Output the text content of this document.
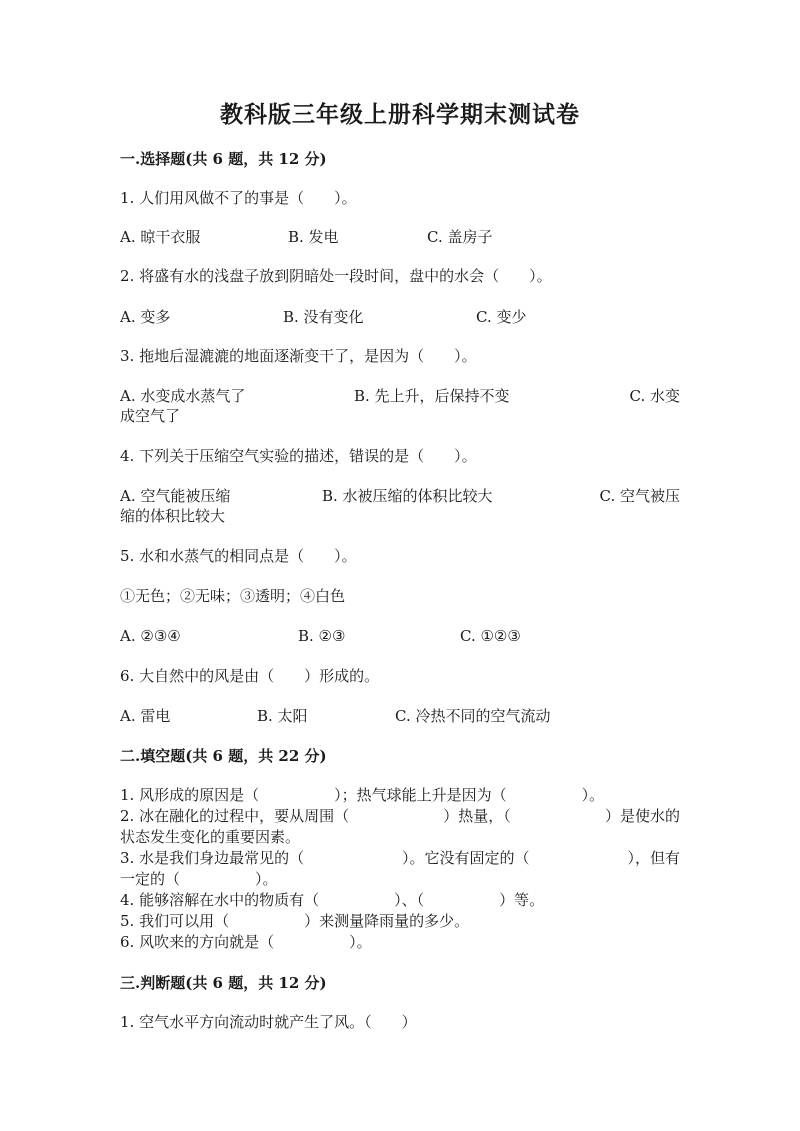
教科版三年级上册科学期末测试卷
一.选择题(共 6 题，共 12 分)
1. 人们用风做不了的事是（　　）。
A. 晾干衣服	B. 发电	C. 盖房子
2. 将盛有水的浅盘子放到阴暗处一段时间，盘中的水会（　　）。
A. 变多	B. 没有变化	C. 变少
3. 拖地后湿漉漉的地面逐渐变干了，是因为（　　）。
A. 水变成水蒸气了	B. 先上升，后保持不变	C. 水变
成空气了
4. 下列关于压缩空气实验的描述，错误的是（　　）。
A. 空气能被压缩	B. 水被压缩的体积比较大	C. 空气被压
缩的体积比较大
5. 水和水蒸气的相同点是（　　）。
①无色；②无味；③透明；④白色
A. ②③④	B. ②③	C. ①②③
6. 大自然中的风是由（　　）形成的。
A. 雷电	B. 太阳	C. 冷热不同的空气流动
二.填空题(共 6 题，共 22 分)
1. 风形成的原因是（　　　　　）；热气球能上升是因为（　　　　　）。
2. 冰在融化的过程中，要从周围（	）热量，（	）是使水的
状态发生变化的重要因素。
3. 水是我们身边最常见的（	）。它没有固定的（	），但有
一定的（　　　　　）。
4. 能够溶解在水中的物质有（　　　　　）、（　　　　　）等。
5. 我们可以用（　　　　　）来测量降雨量的多少。
6. 风吹来的方向就是（　　　　　）。
三.判断题(共 6 题，共 12 分)
1. 空气水平方向流动时就产生了风。（　　）
